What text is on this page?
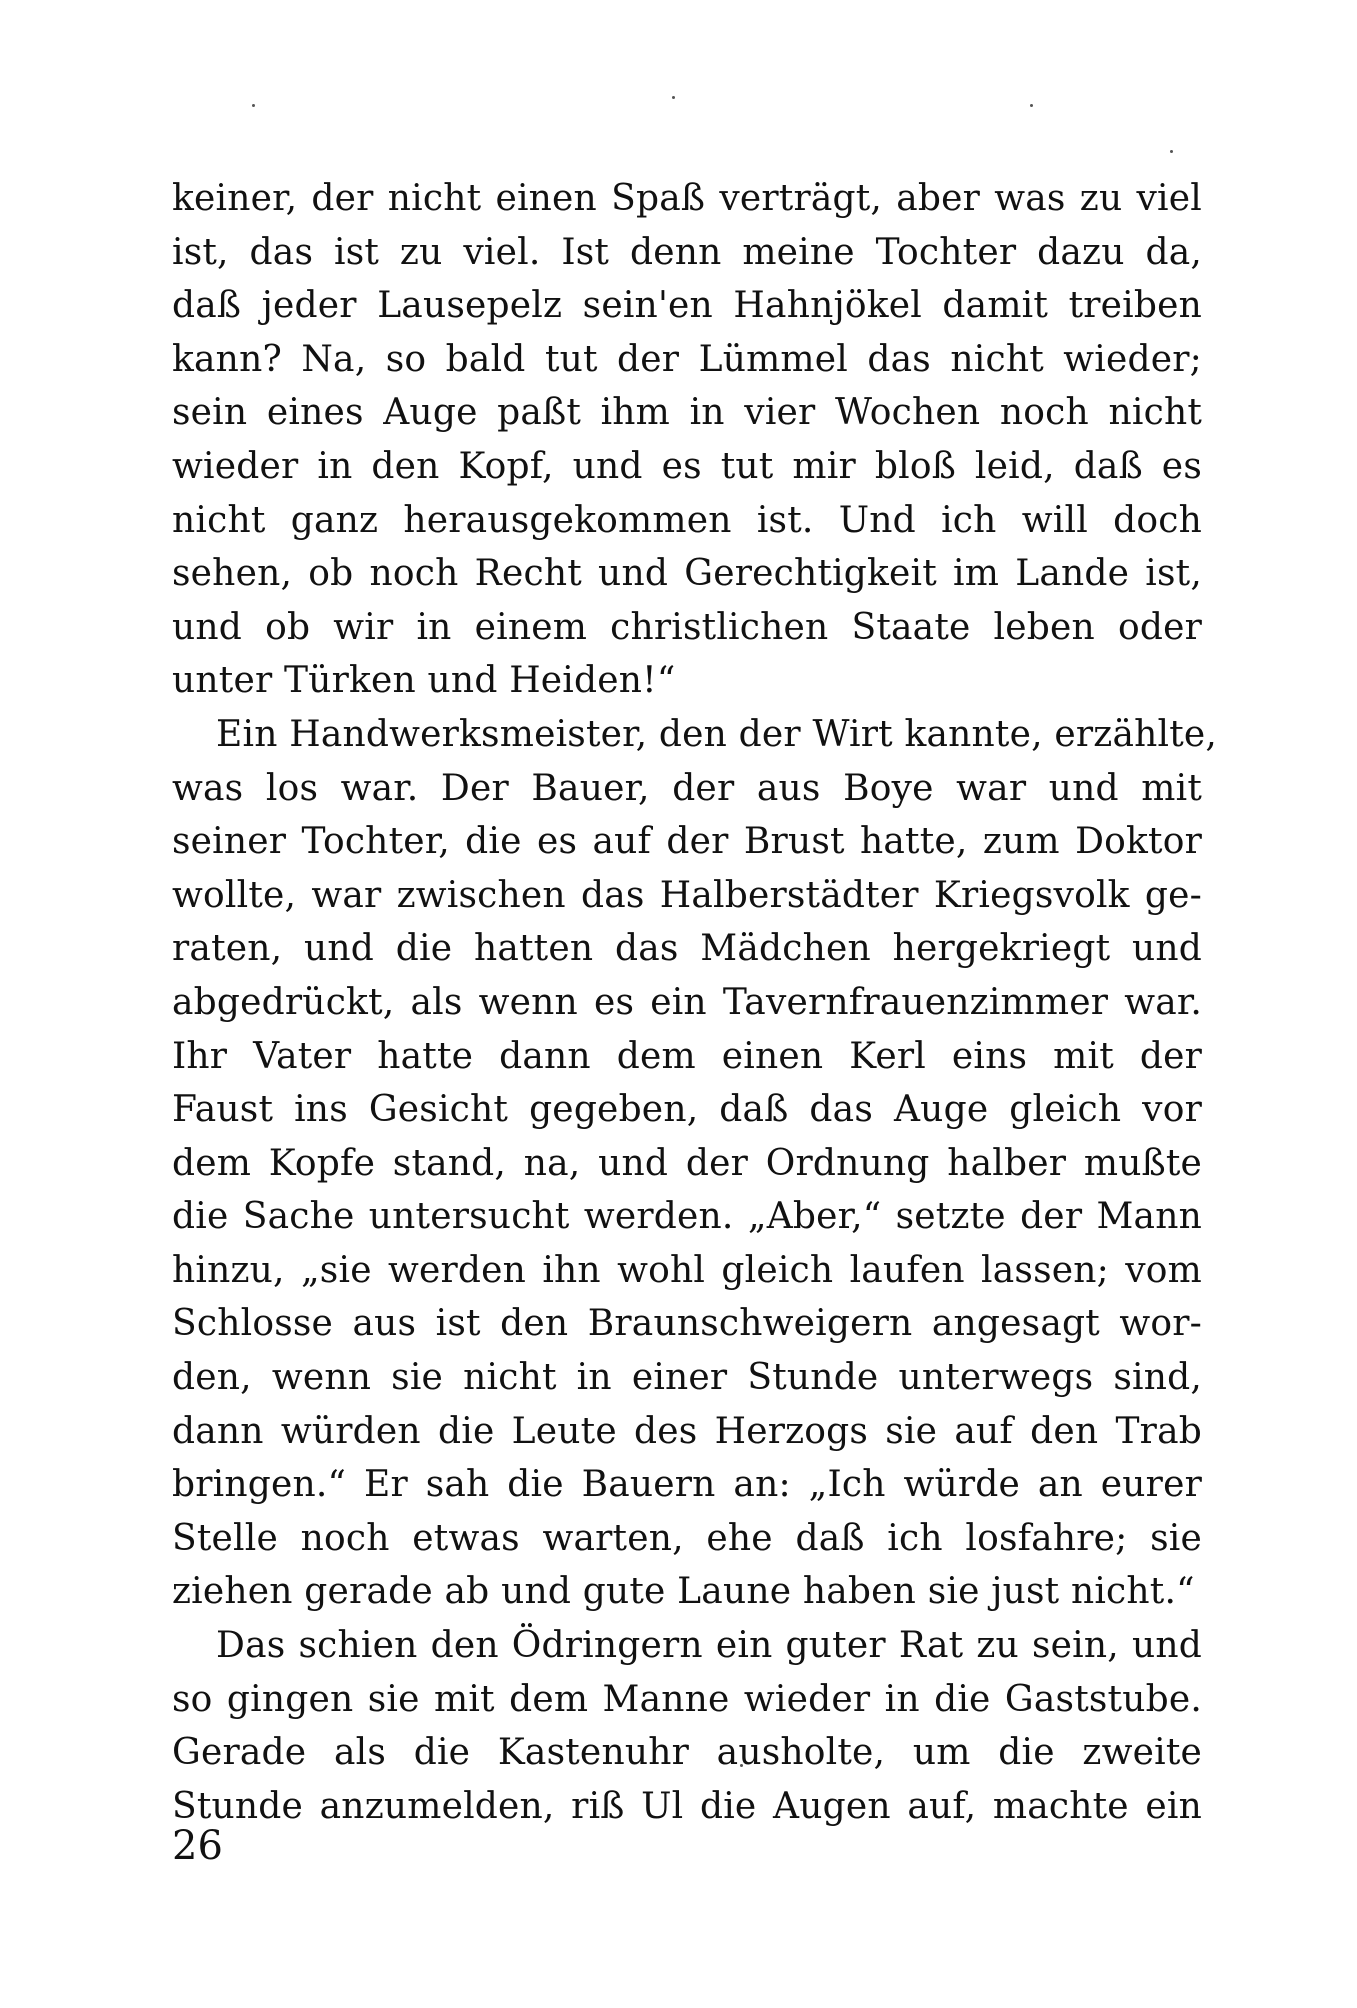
keiner, der nicht einen Spaß verträgt, aber was zu viel
ist, das ist zu viel. Ist denn meine Tochter dazu da,
daß jeder Lausepelz sein'en Hahnjökel damit treiben
kann? Na, so bald tut der Lümmel das nicht wieder;
sein eines Auge paßt ihm in vier Wochen noch nicht
wieder in den Kopf, und es tut mir bloß leid, daß es
nicht ganz herausgekommen ist. Und ich will doch
sehen, ob noch Recht und Gerechtigkeit im Lande ist,
und ob wir in einem christlichen Staate leben oder
unter Türken und Heiden!“
Ein Handwerksmeister, den der Wirt kannte, erzählte,
was los war. Der Bauer, der aus Boye war und mit
seiner Tochter, die es auf der Brust hatte, zum Doktor
wollte, war zwischen das Halberstädter Kriegsvolk ge-
raten, und die hatten das Mädchen hergekriegt und
abgedrückt, als wenn es ein Tavernfrauenzimmer war.
Ihr Vater hatte dann dem einen Kerl eins mit der
Faust ins Gesicht gegeben, daß das Auge gleich vor
dem Kopfe stand, na, und der Ordnung halber mußte
die Sache untersucht werden. „Aber,“ setzte der Mann
hinzu, „sie werden ihn wohl gleich laufen lassen; vom
Schlosse aus ist den Braunschweigern angesagt wor-
den, wenn sie nicht in einer Stunde unterwegs sind,
dann würden die Leute des Herzogs sie auf den Trab
bringen.“ Er sah die Bauern an: „Ich würde an eurer
Stelle noch etwas warten, ehe daß ich losfahre; sie
ziehen gerade ab und gute Laune haben sie just nicht.“
Das schien den Ödringern ein guter Rat zu sein, und
so gingen sie mit dem Manne wieder in die Gaststube.
Gerade als die Kastenuhr ausholte, um die zweite
Stunde anzumelden, riß Ul die Augen auf, machte ein
26
